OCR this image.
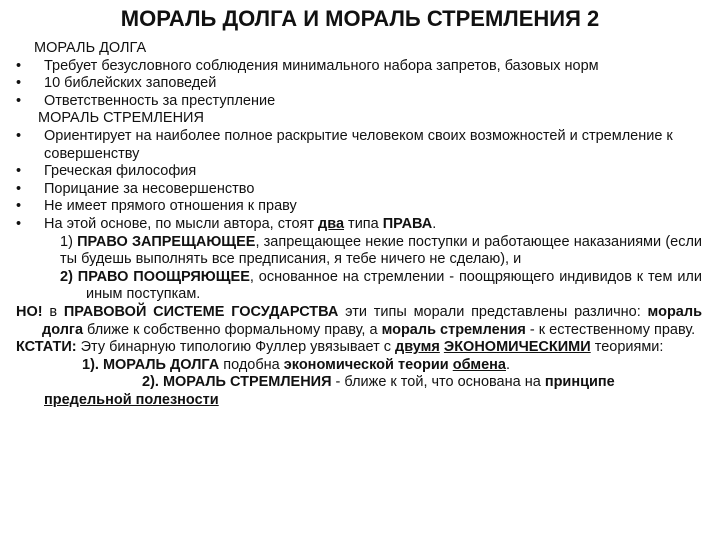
МОРАЛЬ ДОЛГА И МОРАЛЬ СТРЕМЛЕНИЯ 2
МОРАЛЬ ДОЛГА
•	Требует безусловного соблюдения минимального набора запретов, базовых норм
•	10 библейских заповедей
•	Ответственность за преступление
МОРАЛЬ СТРЕМЛЕНИЯ
•	Ориентирует на наиболее полное раскрытие человеком своих возможностей и стремление к совершенству
•	Греческая философия
•	Порицание за несовершенство
•	Не имеет прямого отношения к праву
•	На этой основе, по мысли автора, стоят два типа ПРАВА.
1) ПРАВО ЗАПРЕЩАЮЩЕЕ, запрещающее некие поступки и работающее наказаниями (если ты будешь выполнять все предписания, я тебе ничего не сделаю), и
2) ПРАВО ПООЩРЯЮЩЕЕ, основанное на стремлении - поощряющего индивидов к тем или иным поступкам.
НО! в ПРАВОВОЙ СИСТЕМЕ ГОСУДАРСТВА эти типы морали представлены различно: мораль долга ближе к собственно формальному праву, а мораль стремления - к естественному праву.
КСТАТИ: Эту бинарную типологию Фуллер увязывает с двумя ЭКОНОМИЧЕСКИМИ теориями:
1). МОРАЛЬ ДОЛГА подобна экономической теории обмена.
2). МОРАЛЬ СТРЕМЛЕНИЯ - ближе к той, что основана на принципе
предельной полезности
